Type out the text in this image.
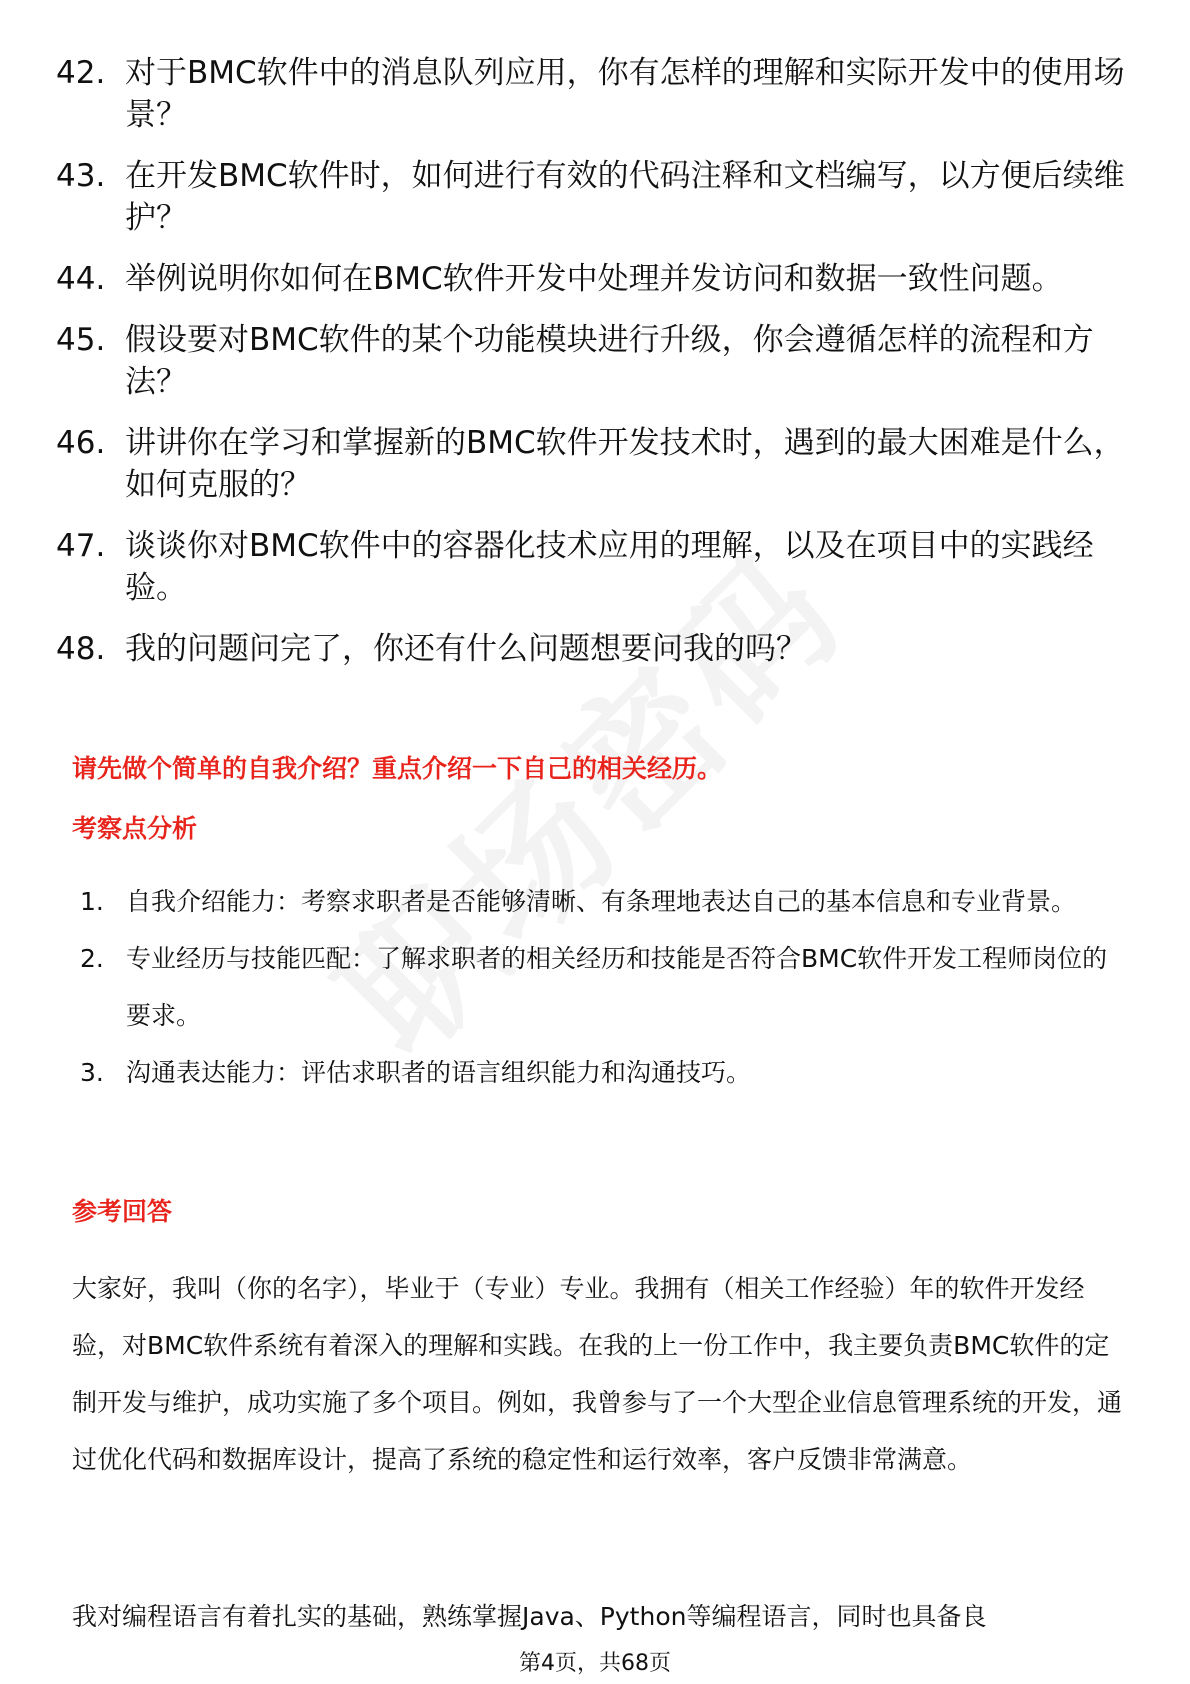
42. 对于BMC软件中的消息队列应用，你有怎样的理解和实际开发中的使用场景？
43. 在开发BMC软件时，如何进行有效的代码注释和文档编写，以方便后续维护？
44. 举例说明你如何在BMC软件开发中处理并发访问和数据一致性问题。
45. 假设要对BMC软件的某个功能模块进行升级，你会遵循怎样的流程和方法？
46. 讲讲你在学习和掌握新的BMC软件开发技术时，遇到的最大困难是什么，如何克服的？
47. 谈谈你对BMC软件中的容器化技术应用的理解，以及在项目中的实践经验。
48. 我的问题问完了，你还有什么问题想要问我的吗？
请先做个简单的自我介绍？重点介绍一下自己的相关经历。
考察点分析
1. 自我介绍能力：考察求职者是否能够清晰、有条理地表达自己的基本信息和专业背景。
2. 专业经历与技能匹配：了解求职者的相关经历和技能是否符合BMC软件开发工程师岗位的要求。
3. 沟通表达能力：评估求职者的语言组织能力和沟通技巧。
参考回答

大家好，我叫（你的名字），毕业于（专业）专业。我拥有（相关工作经验）年的软件开发经验，对BMC软件系统有着深入的理解和实践。在我的上一份工作中，我主要负责BMC软件的定制开发与维护，成功实施了多个项目。例如，我曾参与了一个大型企业信息管理系统的开发，通过优化代码和数据库设计，提高了系统的稳定性和运行效率，客户反馈非常满意。

我对编程语言有着扎实的基础，熟练掌握Java、Python等编程语言，同时也具备良

第4页，共68页
